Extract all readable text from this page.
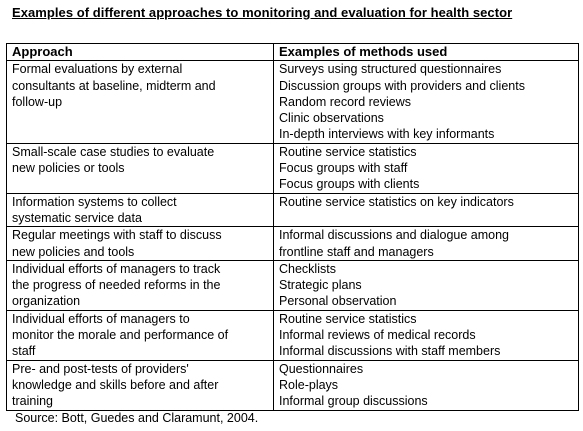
Examples of different approaches to monitoring and evaluation for health sector
Approach	Examples of methods used

Formal evaluations by external
consultants at baseline, midterm and
follow-up	Surveys using structured questionnaires
Discussion groups with providers and clients
Random record reviews
Clinic observations
In-depth interviews with key informants

Small-scale case studies to evaluate
new policies or tools	Routine service statistics
Focus groups with staff
Focus groups with clients

Information systems to collect
systematic service data	Routine service statistics on key indicators

Regular meetings with staff to discuss
new policies and tools	Informal discussions and dialogue among
frontline staff and managers

Individual efforts of managers to track
the progress of needed reforms in the
organization	Checklists
Strategic plans
Personal observation

Individual efforts of managers to
monitor the morale and performance of
staff	Routine service statistics
Informal reviews of medical records
Informal discussions with staff members

Pre- and post-tests of providers'
knowledge and skills before and after
training	Questionnaires
Role-plays
Informal group discussions
Source: Bott, Guedes and Claramunt, 2004.
